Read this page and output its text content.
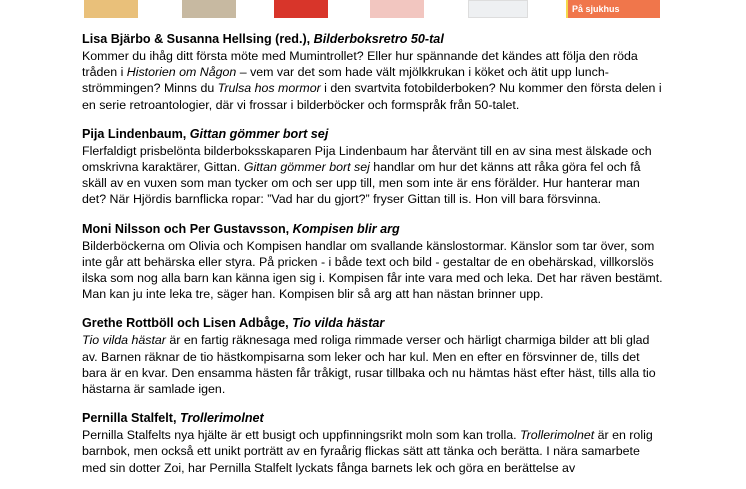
På sjukhus
Lisa Bjärbo & Susanna Hellsing (red.), Bilderboksretro 50-tal
Kommer du ihåg ditt första möte med Mumintrollet? Eller hur spännande det kändes att följa den röda tråden i Historien om Någon – vem var det som hade vält mjölkkrukan i köket och ätit upp lunch-strömmingen? Minns du Trulsa hos mormor i den svartvita fotobilderboken? Nu kommer den första delen i en serie retroantologier, där vi frossar i bilderböcker och formspråk från 50-talet.
Pija Lindenbaum, Gittan gömmer bort sej
Flerfaldigt prisbelönta bilderboksskaparen Pija Lindenbaum har återvänt till en av sina mest älskade och omskrivna karaktärer, Gittan. Gittan gömmer bort sej handlar om hur det känns att råka göra fel och få skäll av en vuxen som man tycker om och ser upp till, men som inte är ens förälder. Hur hanterar man det? När Hjördis barnflicka ropar: ”Vad har du gjort?” fryser Gittan till is. Hon vill bara försvinna.
Moni Nilsson och Per Gustavsson, Kompisen blir arg
Bilderböckerna om Olivia och Kompisen handlar om svallande känslostormar. Känslor som tar över, som inte går att behärska eller styra. På pricken - i både text och bild - gestaltar de en obehärskad, villkorslös ilska som nog alla barn kan känna igen sig i. Kompisen får inte vara med och leka. Det har räven bestämt. Man kan ju inte leka tre, säger han. Kompisen blir så arg att han nästan brinner upp.
Grethe Rottböll och Lisen Adbåge, Tio vilda hästar
Tio vilda hästar är en fartig räknesaga med roliga rimmade verser och härligt charmiga bilder att bli glad av. Barnen räknar de tio hästkompisarna som leker och har kul. Men en efter en försvinner de, tills det bara är en kvar. Den ensamma hästen får tråkigt, rusar tillbaka och nu hämtas häst efter häst, tills alla tio hästarna är samlade igen.
Pernilla Stalfelt, Trollerimolnet
Pernilla Stalfelts nya hjälte är ett busigt och uppfinningsrikt moln som kan trolla. Trollerimolnet är en rolig barnbok, men också ett unikt porträtt av en fyraårig flickas sätt att tänka och berätta. I nära samarbete med sin dotter Zoi, har Pernilla Stalfelt lyckats fånga barnets lek och göra en berättelse av
